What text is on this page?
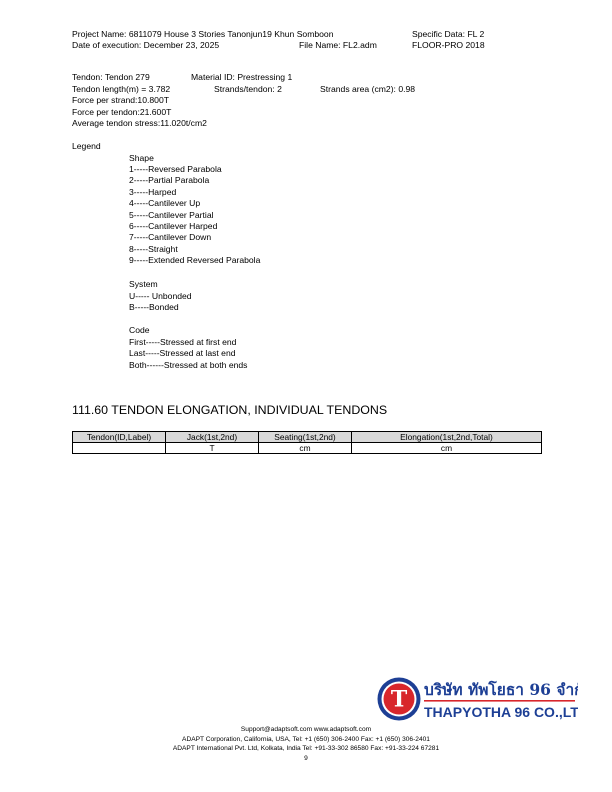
Project Name: 6811079 House 3 Stories Tanonjun19 Khun Somboon	Specific Data: FL 2
Date of execution: December 23, 2025	File Name: FL2.adm	FLOOR-PRO 2018
Tendon: Tendon 279	Material ID: Prestressing 1
Tendon length(m) = 3.782	Strands/tendon: 2	Strands area (cm2): 0.98
Force per strand:10.800T
Force per tendon:21.600T
Average tendon stress:11.020t/cm2
Legend
Shape
1-----Reversed Parabola
2-----Partial Parabola
3-----Harped
4-----Cantilever Up
5-----Cantilever Partial
6-----Cantilever Harped
7-----Cantilever Down
8-----Straight
9-----Extended Reversed Parabola
System
U----- Unbonded
B-----Bonded
Code
First-----Stressed at first end
Last-----Stressed at last end
Both------Stressed at both ends
111.60 TENDON ELONGATION, INDIVIDUAL TENDONS
Tendon(ID,Label)	Jack(1st,2nd)	Seating(1st,2nd)	Elongation(1st,2nd,Total)
	T	cm	cm
T บริษัท ทัพโยธา 96 จำกัด
THAPYOTHA 96 CO.,LTD.
Support@adaptsoft.com www.adaptsoft.com
ADAPT Corporation, California, USA, Tel: +1 (650) 306-2400 Fax: +1 (650) 306-2401
ADAPT International Pvt. Ltd, Kolkata, India Tel: +91-33-302 86580 Fax: +91-33-224 67281
9
